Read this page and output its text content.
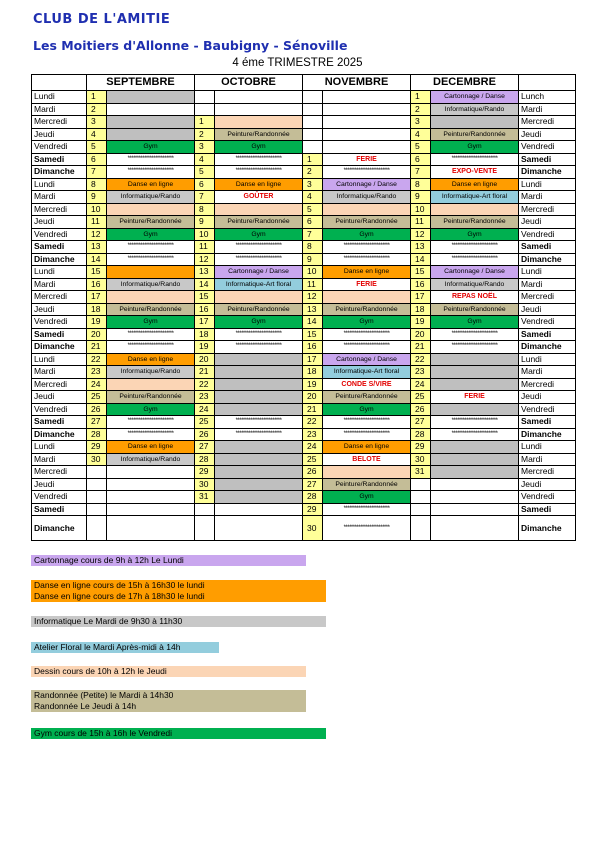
CLUB DE L'AMITIE
Les Moitiers d'Allonne - Baubigny - Sénoville
4 éme TRIMESTRE 2025
	SEPTEMBRE		OCTOBRE		NOVEMBRE		DECEMBRE		
Lundi	1						1	Cartonnage / Danse	Lunch
Mardi	2						2	Informatique/Rando	Mardi
Mercredi	3		1				3		Mercredi
Jeudi	4		2	Peinture/Randonnée			4	Peinture/Randonnée	Jeudi
Vendredi	5	Gym	3	Gym			5	Gym	Vendredi
Samedi	6	*************************	4	*************************	1	FERIE	6	*************************	Samedi
Dimanche	7	*************************	5	*************************	2	*************************	7	EXPO-VENTE	Dimanche
Lundi	8	Danse en ligne	6	Danse en ligne	3	Cartonnage / Danse	8	Danse en ligne	Lundi
Mardi	9	Informatique/Rando	7	GOÛTER	4	Informatique/Rando	9	Informatique-Art floral	Mardi
Mercredi	10		8		5		10		Mercredi
Jeudi	11	Peinture/Randonnée	9	Peinture/Randonnée	6	Peinture/Randonnée	11	Peinture/Randonnée	Jeudi
Vendredi	12	Gym	10	Gym	7	Gym	12	Gym	Vendredi
Samedi	13	*************************	11	*************************	8	*************************	13	*************************	Samedi
Dimanche	14	*************************	12	*************************	9	*************************	14	*************************	Dimanche
Lundi	15		13	Cartonnage / Danse	10	Danse en ligne	15	Cartonnage / Danse	Lundi
Mardi	16	Informatique/Rando	14	Informatique-Art floral	11	FERIE	16	Informatique/Rando	Mardi
Mercredi	17		15		12		17	REPAS NOËL	Mercredi
Jeudi	18	Peinture/Randonnée	16	Peinture/Randonnée	13	Peinture/Randonnée	18	Peinture/Randonnée	Jeudi
Vendredi	19	Gym	17	Gym	14	Gym	19	Gym	Vendredi
Samedi	20	*************************	18	*************************	15	*************************	20	*************************	Samedi
Dimanche	21	*************************	19	*************************	16	*************************	21	*************************	Dimanche
Lundi	22	Danse en ligne	20		17	Cartonnage / Danse	22		Lundi
Mardi	23	Informatique/Rando	21		18	Informatique-Art floral	23		Mardi
Mercredi	24		22		19	CONDE S/VIRE	24		Mercredi
Jeudi	25	Peinture/Randonnée	23		20	Peinture/Randonnée	25	FERIE	Jeudi
Vendredi	26	Gym	24		21	Gym	26		Vendredi
Samedi	27	*************************	25	*************************	22	*************************	27	*************************	Samedi
Dimanche	28	*************************	26	*************************	23	*************************	28	*************************	Dimanche
Lundi	29	Danse en ligne	27		24	Danse en ligne	29		Lundi
Mardi	30	Informatique/Rando	28		25	BELOTE	30		Mardi
Mercredi			29		26		31		Mercredi
Jeudi			30		27	Peinture/Randonnée			Jeudi
Vendredi			31		28	Gym			Vendredi
Samedi					29	*************************			Samedi
Dimanche					30	*************************			Dimanche
Cartonnage cours de 9h à 12h Le Lundi
Danse en ligne cours de 15h à 16h30 le lundi
Danse en ligne cours de 17h à 18h30 le lundi
Informatique Le Mardi de 9h30 à 11h30
Atelier Floral le Mardi Après-midi à 14h
Dessin cours de 10h à 12h le Jeudi
Randonnée (Petite) le Mardi à 14h30
Randonnée Le Jeudi à 14h
Gym cours de 15h à 16h le Vendredi
